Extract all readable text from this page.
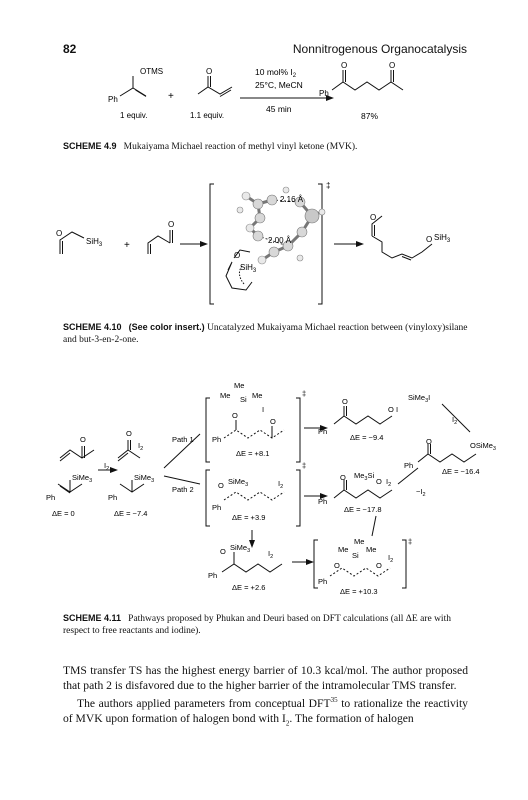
82	Nonnitrogenous Organocatalysis
OTMS
Ph
1 equiv.
+
O
1.1 equiv.
10 mol% $I_2$
25°C, MeCN
45 min
O	O
Ph
87%
SCHEME 4.9 Mukaiyama Michael reaction of methyl vinyl ketone (MVK).
O
SiH$_3$ +
O
2.16 Å
2.00 Å
O
SiH$_3$
‡
O
O SiH$_3$
SCHEME 4.10 (See color insert.) Uncatalyzed Mukaiyama Michael reaction between (vinyloxy)silane and but-3-en-2-one.
Path 1
Path 2
O
SiMe$_3$
Ph
ΔE = 0
O
$I_2$
$I_2$
SiMe$_3$
Ph
ΔE = −7.4
Me
Me	Me
Si
I
O
O
Ph
ΔE = +8.1
‡
O
O I
Ph
ΔE = −9.4
SiMe$_3$I
$I_2$
O	OSiMe$_3$
Ph
ΔE = −16.4
$-I_2$
O SiMe$_3$	$I_2$
Ph
ΔE = +3.9
‡
O $Me_3Si$
O $I_2$
Ph
ΔE = −17.8
O SiMe$_3$ $I_2$
Ph
ΔE = +2.6
Me
Me Me
Si
O	O
$I_2$
Ph
ΔE = +10.3
‡
SCHEME 4.11 Pathways proposed by Phukan and Deuri based on DFT calculations (all ΔE are with respect to free reactants and iodine).

TMS transfer TS has the highest energy barrier of 10.3 kcal/mol. The author proposed that path 2 is disfavored due to the higher barrier of the intramolecular TMS transfer.

The authors applied parameters from conceptual DFT$^{35}$ to rationalize the reactivity of MVK upon formation of halogen bond with $I_2$. The formation of halogen
